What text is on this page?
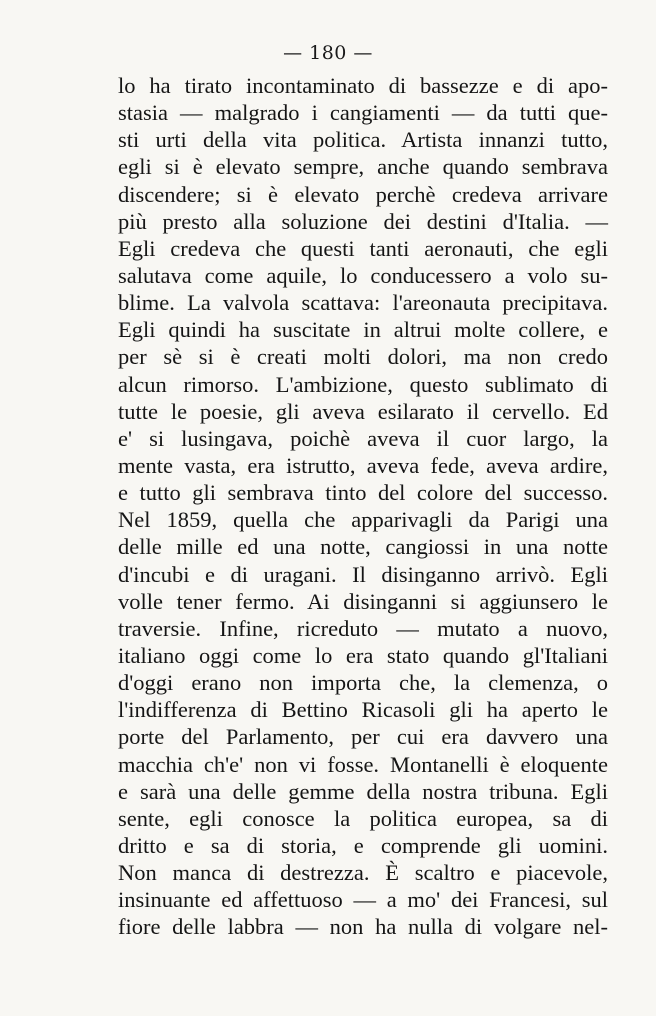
— 180 —
lo ha tirato incontaminato di bassezze e di apo-
stasia — malgrado i cangiamenti — da tutti que-
sti urti della vita politica. Artista innanzi tutto,
egli si è elevato sempre, anche quando sembrava
discendere; si è elevato perchè credeva arrivare
più presto alla soluzione dei destini d'Italia. —
Egli credeva che questi tanti aeronauti, che egli
salutava come aquile, lo conducessero a volo su-
blime. La valvola scattava: l'areonauta precipitava.
Egli quindi ha suscitate in altrui molte collere, e
per sè si è creati molti dolori, ma non credo
alcun rimorso. L'ambizione, questo sublimato di
tutte le poesie, gli aveva esilarato il cervello. Ed
e' si lusingava, poichè aveva il cuor largo, la
mente vasta, era istrutto, aveva fede, aveva ardire,
e tutto gli sembrava tinto del colore del successo.
Nel 1859, quella che apparivagli da Parigi una
delle mille ed una notte, cangiossi in una notte
d'incubi e di uragani. Il disinganno arrivò. Egli
volle tener fermo. Ai disinganni si aggiunsero le
traversie. Infine, ricreduto — mutato a nuovo,
italiano oggi come lo era stato quando gl'Italiani
d'oggi erano non importa che, la clemenza, o
l'indifferenza di Bettino Ricasoli gli ha aperto le
porte del Parlamento, per cui era davvero una
macchia ch'e' non vi fosse. Montanelli è eloquente
e sarà una delle gemme della nostra tribuna. Egli
sente, egli conosce la politica europea, sa di
dritto e sa di storia, e comprende gli uomini.
Non manca di destrezza. È scaltro e piacevole,
insinuante ed affettuoso — a mo' dei Francesi, sul
fiore delle labbra — non ha nulla di volgare nel-
